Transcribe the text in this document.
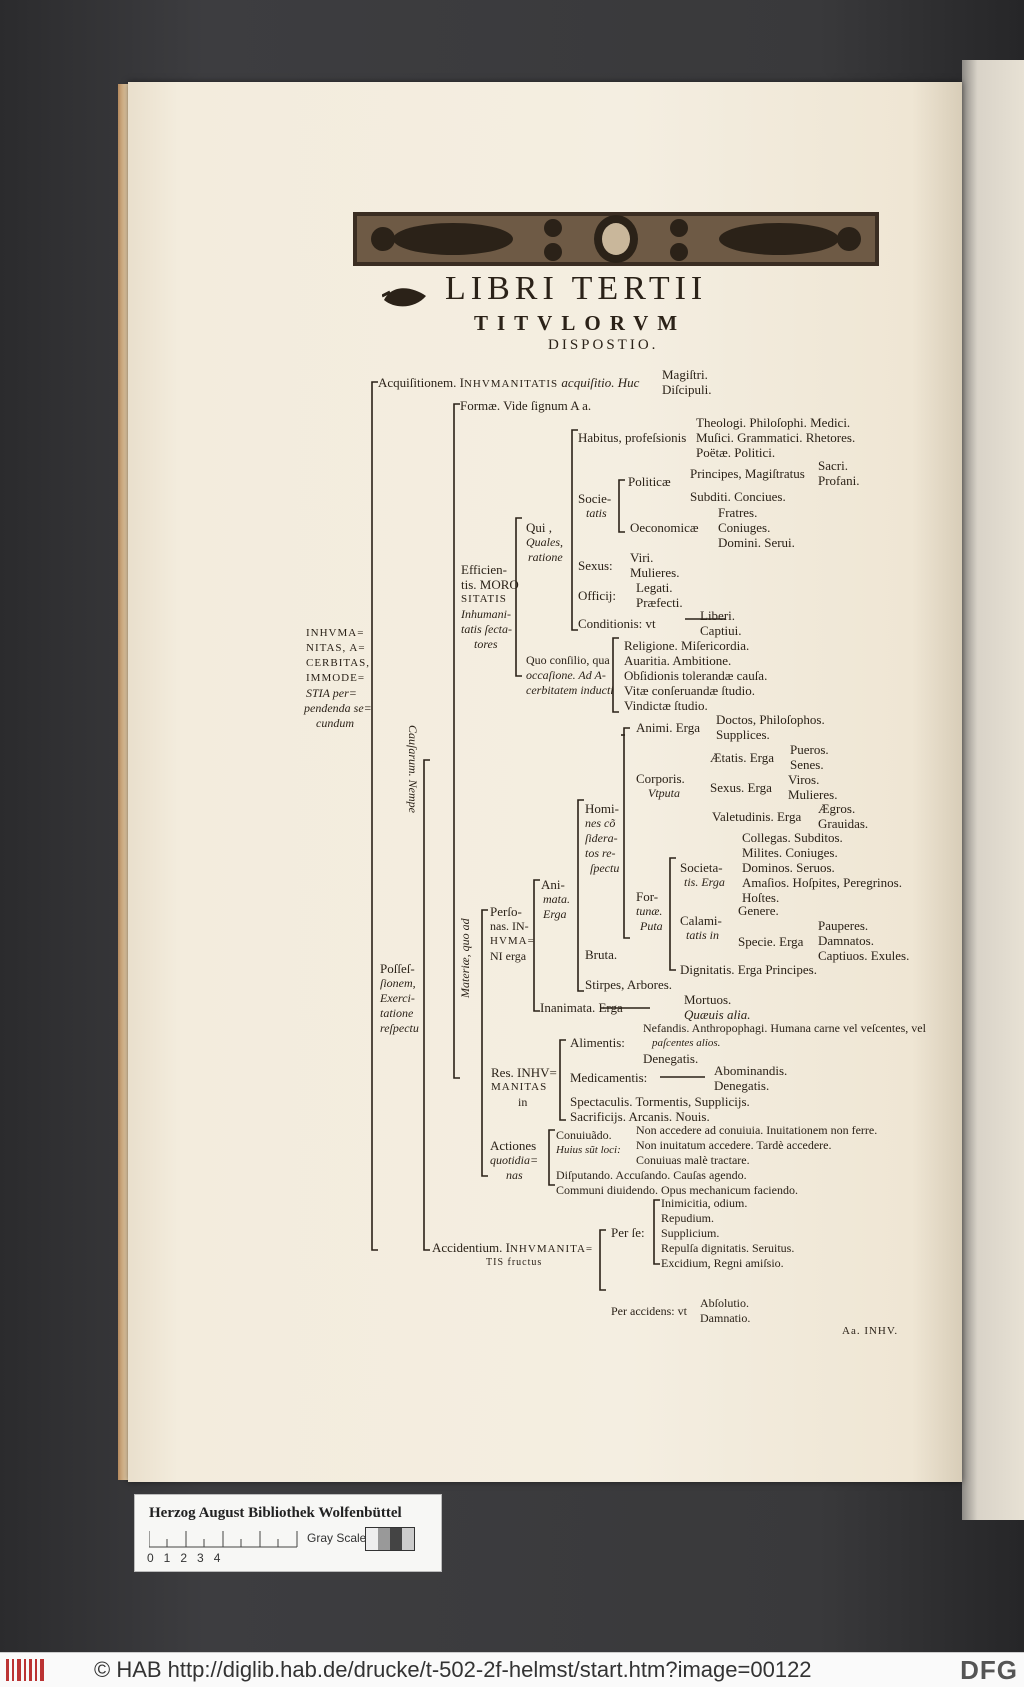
LIBRI TERTII
TITVLORVM
DISPOSTIO.
INHVMA=
NITAS, A=
CERBITAS,
IMMODE=
STIA per=
pendenda se=
cundum
Acquiſitionem. INHVMANITATIS acquiſitio. Huc
Magiſtri.
Diſcipuli.
Cauſarum. Nempe
Formæ. Vide ſignum A a.
Efficien-
tis. MORO
SITATIS
Inhumani-
tatis ſecta-
tores
Qui ,
Quales,
ratione
Habitus, profeſsionis
Theologi. Philoſophi. Medici.
Muſici. Grammatici. Rhetores.
Poëtæ. Politici.
Socie-
tatis
Politicæ
Principes, Magiſtratus
Sacri.
Profani.
Subditi. Conciues.
Oeconomicæ
Fratres.
Coniuges.
Domini. Serui.
Sexus:
Viri.
Mulieres.
Officij:
Legati.
Præfecti.
Conditionis: vt
Liberi.
Captiui.
Quo conſilio, qua
occaſione. Ad A-
cerbitatem inducti
Religione. Miſericordia.
Auaritia. Ambitione.
Obſidionis tolerandæ cauſa.
Vitæ conſeruandæ ſtudio.
Vindictæ ſtudio.
Materiæ, quo ad
Animi. Erga
Doctos, Philoſophos.
Supplices.
Corporis.
Vtputa
Ætatis. Erga
Pueros.
Senes.
Sexus. Erga
Viros.
Mulieres.
Valetudinis. Erga
Ægros.
Grauidas.
Homi-
nes cõ
ſidera-
tos re-
ſpectu
For-
tunæ.
Puta
Societa-
tis. Erga
Collegas. Subditos.
Milites. Coniuges.
Dominos. Seruos.
Amaſios. Hoſpites, Peregrinos.
Hoſtes.
Calami-
tatis in
Genere.
Specie. Erga
Pauperes.
Damnatos.
Captiuos. Exules.
Dignitatis. Erga Principes.
Ani-
mata.
Erga
Bruta.
Stirpes, Arbores.
Perſo-
nas. IN-
HVMA=
NI erga
Inanimata. Erga
Mortuos.
Quæuis alia.
Poſſeſ-
ſionem,
Exerci-
tatione
reſpectu
Res. INHV=
MANITAS
in
Alimentis:
Nefandis. Anthropophagi. Humana carne vel veſcentes, vel
paſcentes alios.
Denegatis.
Medicamentis:	Abominandis.
Denegatis.
Spectaculis. Tormentis, Supplicijs.
Sacrificijs. Arcanis. Nouis.
Actiones
quotidia=
nas
Conuiuãdo.
Huius sũt loci:
Non accedere ad conuiuia. Inuitationem non ferre.
Non inuitatum accedere. Tardè accedere.
Conuiuas malè tractare.
Diſputando. Accuſando. Cauſas agendo.
Communi diuidendo. Opus mechanicum faciendo.
Accidentium. INHVMANITA=
TIS fructus
Per ſe:
Inimicitia, odium.
Repudium.
Supplicium.
Repulſa dignitatis. Seruitus.
Excidium, Regni amiſsio.
Per accidens: vt
Abſolutio.
Damnatio.
Aa. INHV.
Herzog August Bibliothek Wolfenbüttel
0   1   2   3   4
Gray Scale
© HAB http://diglib.hab.de/drucke/t-502-2f-helmst/start.htm?image=00122	DFG
